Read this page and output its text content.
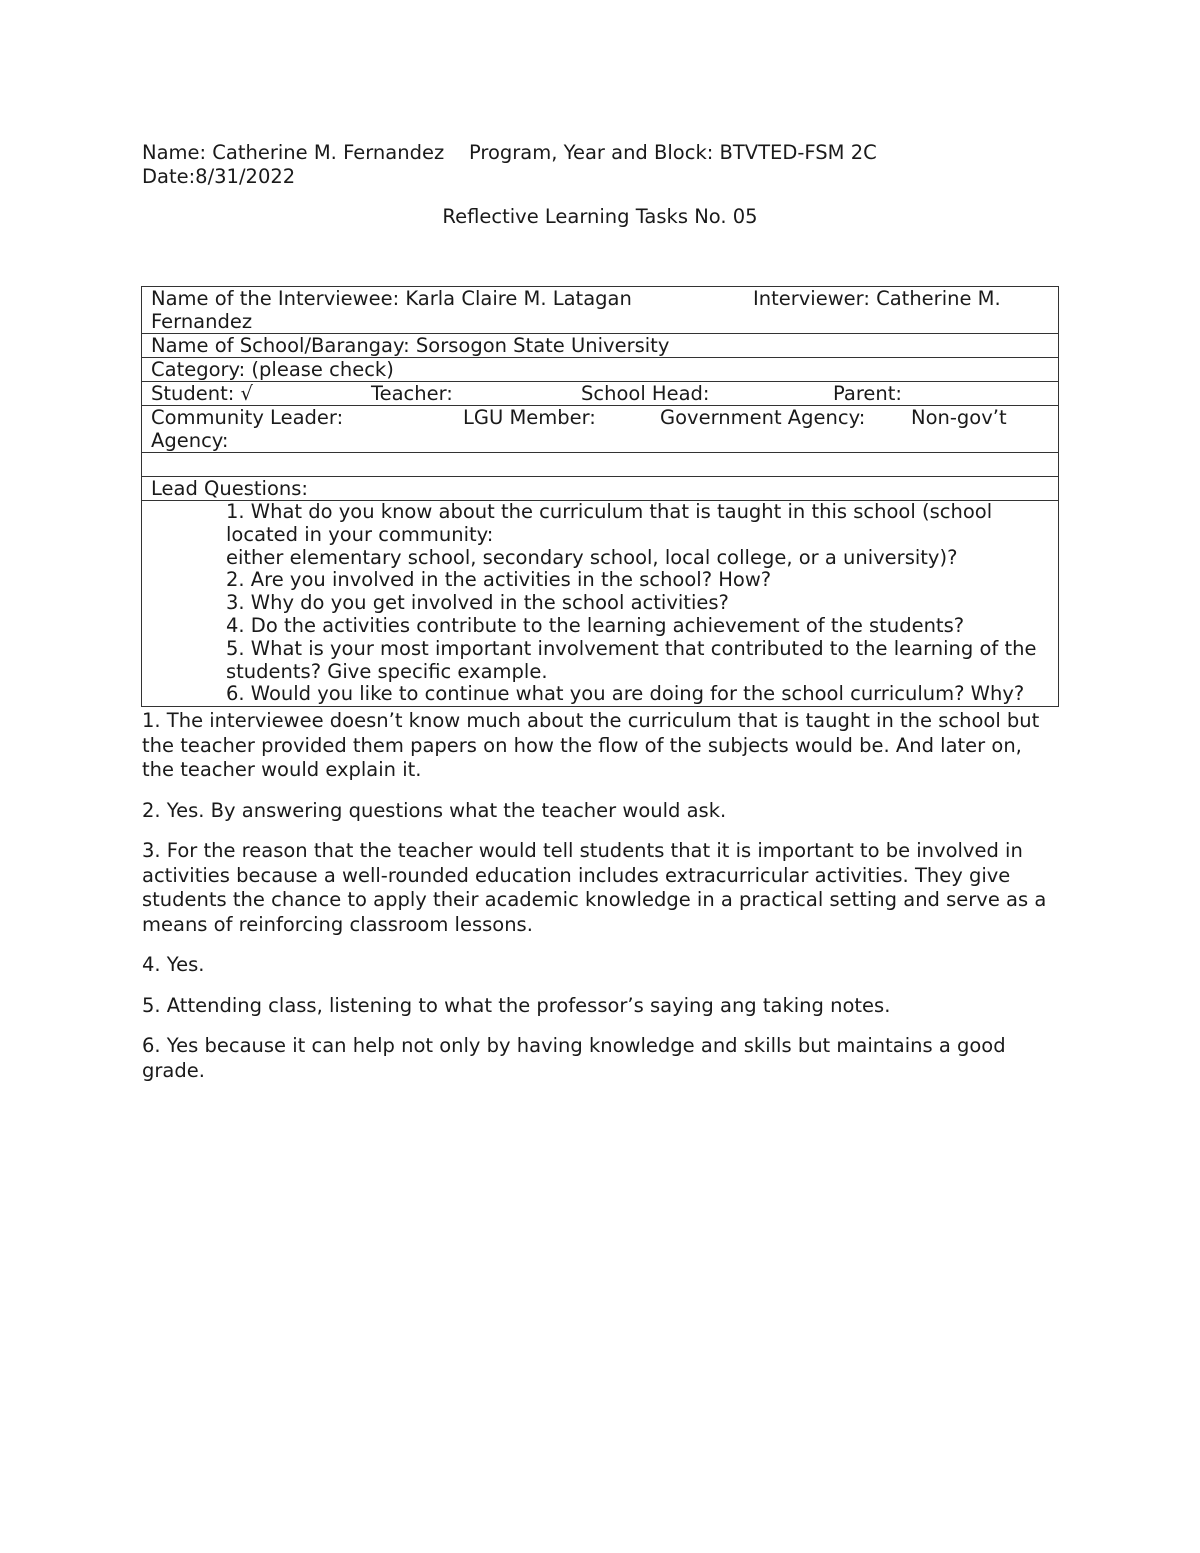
Name: Catherine M. Fernandez    Program, Year and Block: BTVTED-FSM 2C
Date:8/31/2022
Reflective Learning Tasks No. 05
Name of the Interviewee: Karla Claire M. Latagan	Interviewer: Catherine M.
Fernandez

Name of School/Barangay: Sorsogon State University
Category: (please check)

Student: √	Teacher:	School Head:	Parent:

Community Leader:	LGU Member:	Government Agency: Non-gov’t
Agency:

Lead Questions:

1. What do you know about the curriculum that is taught in this school (school
located in your community:
either elementary school, secondary school, local college, or a university)?
2. Are you involved in the activities in the school? How?
3. Why do you get involved in the school activities?
4. Do the activities contribute to the learning achievement of the students?
5. What is your most important involvement that contributed to the learning of the
students? Give specific example.
6. Would you like to continue what you are doing for the school curriculum? Why?

1. The interviewee doesn’t know much about the curriculum that is taught in the school but the teacher provided them papers on how the flow of the subjects would be. And later on, the teacher would explain it.

2. Yes. By answering questions what the teacher would ask.

3. For the reason that the teacher would tell students that it is important to be involved in activities because a well-rounded education includes extracurricular activities. They give students the chance to apply their academic knowledge in a practical setting and serve as a means of reinforcing classroom lessons.

4. Yes.

5. Attending class, listening to what the professor’s saying ang taking notes.

6. Yes because it can help not only by having knowledge and skills but maintains a good grade.
